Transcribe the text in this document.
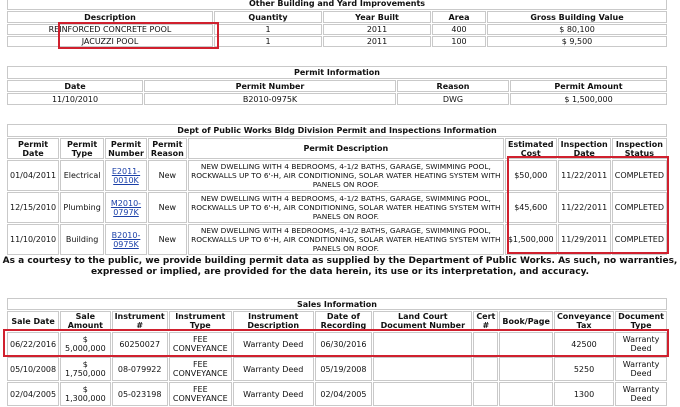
Other Building and Yard Improvements				
Description	Quantity	Year Built	Area	Gross Building Value
REINFORCED CONCRETE POOL	1	2011	400	$ 80,100
JACUZZI POOL	1	2011	100	$ 9,500
Permit Information			
Date	Permit Number	Reason	Permit Amount
11/10/2010	B2010-0975K	DWG	$ 1,500,000
Dept of Public Works Bldg Division Permit and Inspections Information							
Permit Date	Permit Type	Permit Number	Permit Reason	Permit Description	Estimated Cost	Inspection Date	Inspection Status
01/04/2011	Electrical	E2011-0010K	New	NEW DWELLING WITH 4 BEDROOMS, 4-1/2 BATHS, GARAGE, SWIMMING POOL, ROCKWALLS UP TO 6'-H, AIR CONDITIONING, SOLAR WATER HEATING SYSTEM WITH PANELS ON ROOF.	$50,000	11/22/2011	COMPLETED
12/15/2010	Plumbing	M2010-0797K	New	NEW DWELLING WITH 4 BEDROOMS, 4-1/2 BATHS, GARAGE, SWIMMING POOL, ROCKWALLS UP TO 6'-H, AIR CONDITIONING, SOLAR WATER HEATING SYSTEM WITH PANELS ON ROOF.	$45,600	11/22/2011	COMPLETED
11/10/2010	Building	B2010-0975K	New	NEW DWELLING WITH 4 BEDROOMS, 4-1/2 BATHS, GARAGE, SWIMMING POOL, ROCKWALLS UP TO 6'-H, AIR CONDITIONING, SOLAR WATER HEATING SYSTEM WITH PANELS ON ROOF.	$1,500,000	11/29/2011	COMPLETED
As a courtesy to the public, we provide building permit data as supplied by the Department of Public Works. As such, no warranties, expressed or implied, are provided for the data herein, its use or its interpretation, and accuracy.
Sales Information										
Sale Date	Sale Amount	Instrument #	Instrument Type	Instrument Description	Date of Recording	Land Court Document Number	Cert #	Book/Page	Conveyance Tax	Document Type
06/22/2016	$ 5,000,000	60250027	FEE CONVEYANCE	Warranty Deed	06/30/2016				42500	Warranty Deed
05/10/2008	$ 1,750,000	08-079922	FEE CONVEYANCE	Warranty Deed	05/19/2008				5250	Warranty Deed
02/04/2005	$ 1,300,000	05-023198	FEE CONVEYANCE	Warranty Deed	02/04/2005				1300	Warranty Deed
